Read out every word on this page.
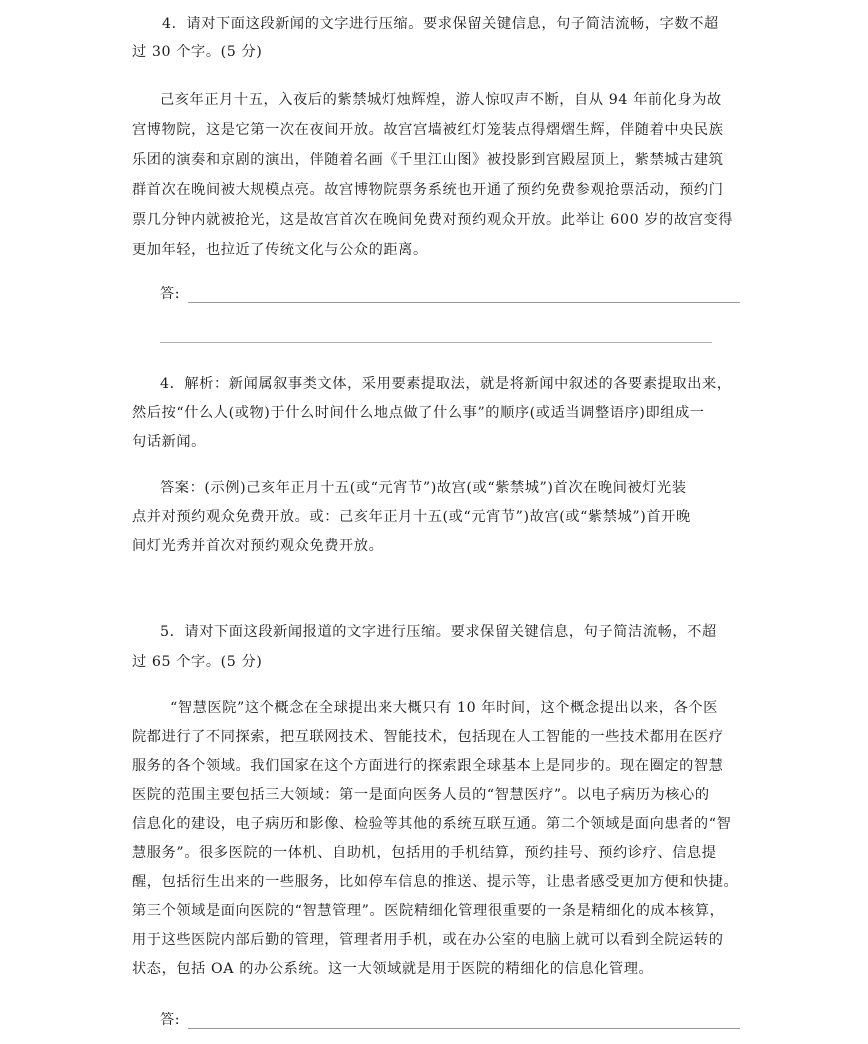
4．请对下面这段新闻的文字进行压缩。要求保留关键信息，句子简洁流畅，字数不超
过 30 个字。(5 分)
己亥年正月十五，入夜后的紫禁城灯烛辉煌，游人惊叹声不断，自从 94 年前化身为故
宫博物院，这是它第一次在夜间开放。故宫宫墙被红灯笼装点得熠熠生辉，伴随着中央民族
乐团的演奏和京剧的演出，伴随着名画《千里江山图》被投影到宫殿屋顶上，紫禁城古建筑
群首次在晚间被大规模点亮。故宫博物院票务系统也开通了预约免费参观抢票活动，预约门
票几分钟内就被抢光，这是故宫首次在晚间免费对预约观众开放。此举让 600 岁的故宫变得
更加年轻，也拉近了传统文化与公众的距离。
答:
4．解析：新闻属叙事类文体，采用要素提取法，就是将新闻中叙述的各要素提取出来，
然后按“什么人(或物)于什么时间什么地点做了什么事”的顺序(或适当调整语序)即组成一
句话新闻。
答案：(示例)己亥年正月十五(或“元宵节”)故宫(或“紫禁城”)首次在晚间被灯光装
点并对预约观众免费开放。或：己亥年正月十五(或“元宵节”)故宫(或“紫禁城”)首开晚
间灯光秀并首次对预约观众免费开放。
5．请对下面这段新闻报道的文字进行压缩。要求保留关键信息，句子简洁流畅，不超
过 65 个字。(5 分)
“智慧医院”这个概念在全球提出来大概只有 10 年时间，这个概念提出以来，各个医
院都进行了不同探索，把互联网技术、智能技术，包括现在人工智能的一些技术都用在医疗
服务的各个领域。我们国家在这个方面进行的探索跟全球基本上是同步的。现在圈定的智慧
医院的范围主要包括三大领域：第一是面向医务人员的“智慧医疗”。以电子病历为核心的
信息化的建设，电子病历和影像、检验等其他的系统互联互通。第二个领域是面向患者的“智
慧服务”。很多医院的一体机、自助机，包括用的手机结算，预约挂号、预约诊疗、信息提
醒，包括衍生出来的一些服务，比如停车信息的推送、提示等，让患者感受更加方便和快捷。
第三个领域是面向医院的“智慧管理”。医院精细化管理很重要的一条是精细化的成本核算，
用于这些医院内部后勤的管理，管理者用手机，或在办公室的电脑上就可以看到全院运转的
状态，包括 OA 的办公系统。这一大领域就是用于医院的精细化的信息化管理。
答:
